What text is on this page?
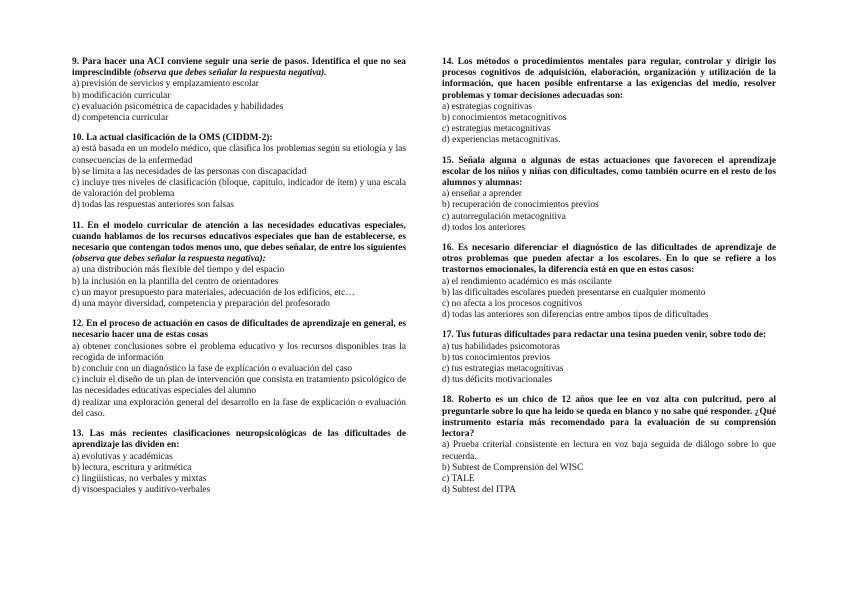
9. Para hacer una ACI conviene seguir una serie de pasos. Identifica el que no sea imprescindible (observa que debes señalar la respuesta negativa).

a) previsión de servicios y emplazamiento escolar
b) modificación curricular
c) evaluación psicométrica de capacidades y habilidades
d) competencia curricular

10. La actual clasificación de la OMS (CIDDM-2):

a) está basada en un modelo médico, que clasifica los problemas según su etiología y las consecuencias de la enfermedad
b) se limita a las necesidades de las personas con discapacidad
c) incluye tres niveles de clasificación (bloque, capítulo, indicador de ítem) y una escala de valoración del problema
d) todas las respuestas anteriores son falsas

11. En el modelo curricular de atención a las necesidades educativas especiales, cuando hablamos de los recursos educativos especiales que han de establecerse, es necesario que contengan todos menos uno, que debes señalar, de entre los siguientes (observa que debes señalar la respuesta negativa):

a) una distribución más flexible del tiempo y del espacio
b) la inclusión en la plantilla del centro de orientadores
c) un mayor presupuesto para materiales, adecuación de los edificios, etc…
d) una mayor diversidad, competencia y preparación del profesorado

12. En el proceso de actuación en casos de dificultades de aprendizaje en general, es necesario hacer una de estas cosas

a) obtener conclusiones sobre el problema educativo y los recursos disponibles tras la recogida de información
b) concluir con un diagnóstico la fase de explicación o evaluación del caso
c) incluir el diseño de un plan de intervención que consista en tratamiento psicológico de las necesidades educativas especiales del alumno
d) realizar una exploración general del desarrollo en la fase de explicación o evaluación del caso.

13. Las más recientes clasificaciones neuropsicológicas de las dificultades de aprendizaje las dividen en:

a) evolutivas y académicas
b) lectura, escritura y aritmética
c) lingüísticas, no verbales y mixtas
d) visoespaciales y auditivo-verbales

14. Los métodos o procedimientos mentales para regular, controlar y dirigir los procesos cognitivos de adquisición, elaboración, organización y utilización de la información, que hacen posible enfrentarse a las exigencias del medio, resolver problemas y tomar decisiones adecuadas son:

a) estrategias cognitivas
b) conocimientos metacognitivos
c) estrategias metacognitivas
d) experiencias metacognitivas.

15. Señala alguna o algunas de estas actuaciones que favorecen el aprendizaje escolar de los niños y niñas con dificultades, como también ocurre en el resto de los alumnos y alumnas:

a) enseñar a aprender
b) recuperación de conocimientos previos
c) autorregulación metacognitiva
d) todos los anteriores

16. Es necesario diferenciar el diagnóstico de las dificultades de aprendizaje de otros problemas que pueden afectar a los escolares. En lo que se refiere a los trastornos emocionales, la diferencia está en que en estos casos:

a) el rendimiento académico es más oscilante
b) las dificultades escolares pueden presentarse en cualquier momento
c) no afecta a los procesos cognitivos
d) todas las anteriores son diferencias entre ambos tipos de dificultades

17. Tus futuras dificultades para redactar una tesina pueden venir, sobre todo de:

a) tus habilidades psicomotoras
b) tus conocimientos previos
c) tus estrategias metacognitivas
d) tus déficits motivacionales

18. Roberto es un chico de 12 años que lee en voz alta con pulcritud, pero al preguntarle sobre lo que ha leído se queda en blanco y no sabe qué responder. ¿Qué instrumento estaría más recomendado para la evaluación de su comprensión lectora?

a) Prueba criterial consistente en lectura en voz baja seguida de diálogo sobre lo que recuerda.
b) Subtest de Comprensión del WISC
c) TALE
d) Subtest del ITPA
